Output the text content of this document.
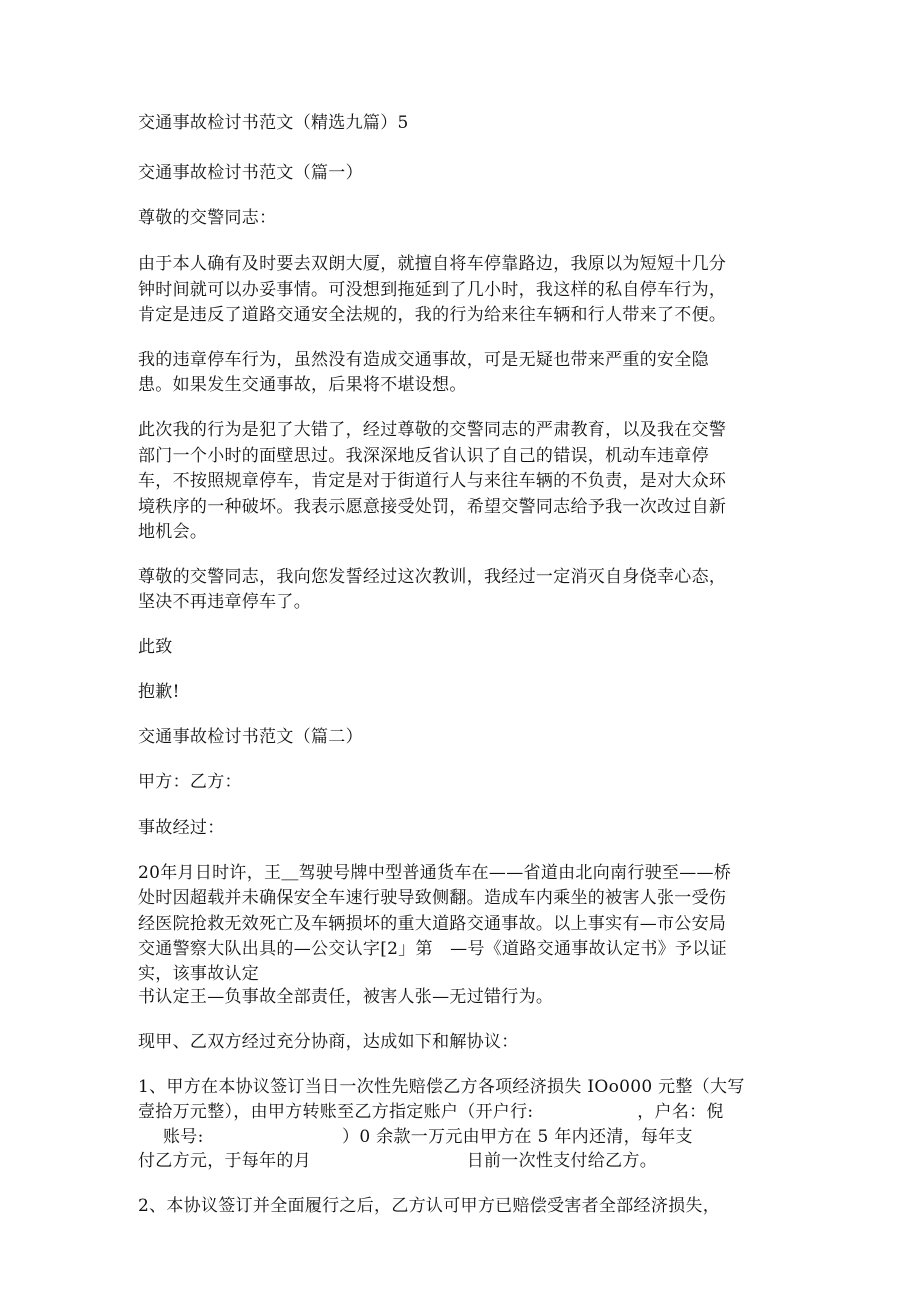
交通事故检讨书范文（精选九篇）5
交通事故检讨书范文（篇一）
尊敬的交警同志：
由于本人确有及时要去双朗大厦，就擅自将车停靠路边，我原以为短短十几分
钟时间就可以办妥事情。可没想到拖延到了几小时，我这样的私自停车行为，
肯定是违反了道路交通安全法规的，我的行为给来往车辆和行人带来了不便。
我的违章停车行为，虽然没有造成交通事故，可是无疑也带来严重的安全隐
患。如果发生交通事故，后果将不堪设想。
此次我的行为是犯了大错了，经过尊敬的交警同志的严肃教育，以及我在交警
部门一个小时的面壁思过。我深深地反省认识了自己的错误，机动车违章停
车，不按照规章停车，肯定是对于街道行人与来往车辆的不负责，是对大众环
境秩序的一种破坏。我表示愿意接受处罚，希望交警同志给予我一次改过自新
地机会。
尊敬的交警同志，我向您发誓经过这次教训，我经过一定消灭自身侥幸心态，
坚决不再违章停车了。
此致
抱歉!
交通事故检讨书范文（篇二）
甲方：乙方：
事故经过：
20年月日时许，王＿驾驶号牌中型普通货车在——省道由北向南行驶至——桥
处时因超载并未确保安全车速行驶导致侧翻。造成车内乘坐的被害人张一受伤
经医院抢救无效死亡及车辆损坏的重大道路交通事故。以上事实有—市公安局
交通警察大队出具的—公交认字[2」第　—号《道路交通事故认定书》予以证
实，该事故认定
书认定王—负事故全部责任，被害人张—无过错行为。
现甲、乙双方经过充分协商，达成如下和解协议：
1、甲方在本协议签订当日一次性先赔偿乙方各项经济损失 IOo000 元整（大写
壹拾万元整），由甲方转账至乙方指定账户（开户行:　　　　　　，户名：倪
账号:　　　　　　　　）0 余款一万元由甲方在 5 年内还清，每年支
付乙方元，于每年的月　　　　　　　　　日前一次性支付给乙方。
2、本协议签订并全面履行之后，乙方认可甲方已赔偿受害者全部经济损失，
